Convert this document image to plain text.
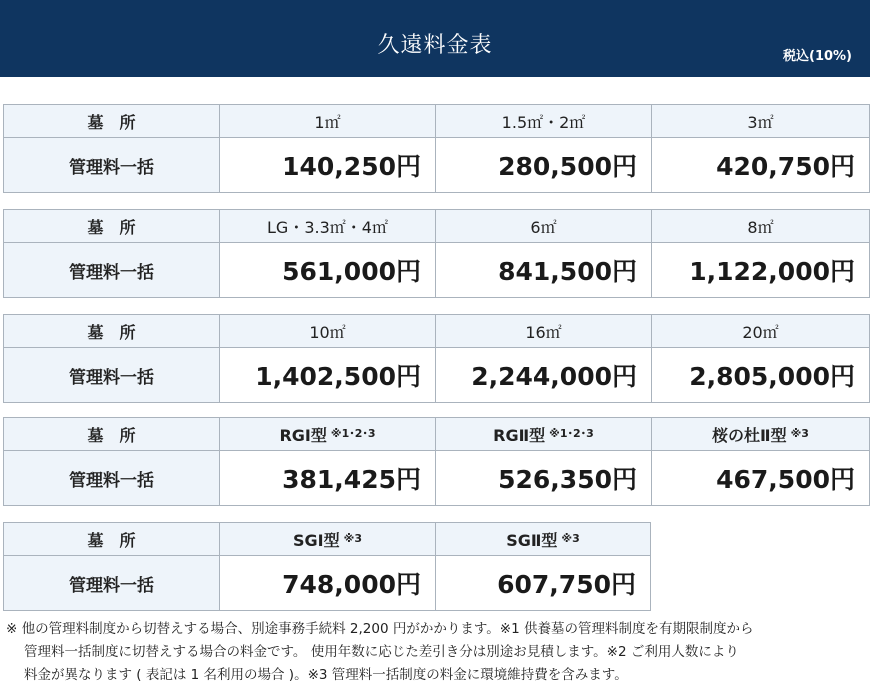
久遠料金表	税込(10%)
墓　所	1㎡	1.5㎡・2㎡	3㎡
管理料一括	140,250円	280,500円	420,750円
墓　所	LG・3.3㎡・4㎡	6㎡	8㎡
管理料一括	561,000円	841,500円	1,122,000円
墓　所	10㎡	16㎡	20㎡
管理料一括	1,402,500円	2,244,000円	2,805,000円
墓　所	RGⅠ型 $^{※1･2･3}$	RGⅡ型 $^{※1･2･3}$	桜の杜Ⅱ型 $^{※3}$
管理料一括	381,425円	526,350円	467,500円
墓　所	SGⅠ型 $^{※3}$	SGⅡ型 $^{※3}$
管理料一括	748,000円	607,750円

※ 他の管理料制度から切替えする場合、別途事務手続料 2,200 円がかかります。※1 供養墓の管理料制度を有期限制度から

管理料一括制度に切替えする場合の料金です。 使用年数に応じた差引き分は別途お見積します。※2 ご利用人数により

料金が異なります ( 表記は 1 名利用の場合 )。※3 管理料一括制度の料金に環境維持費を含みます。
